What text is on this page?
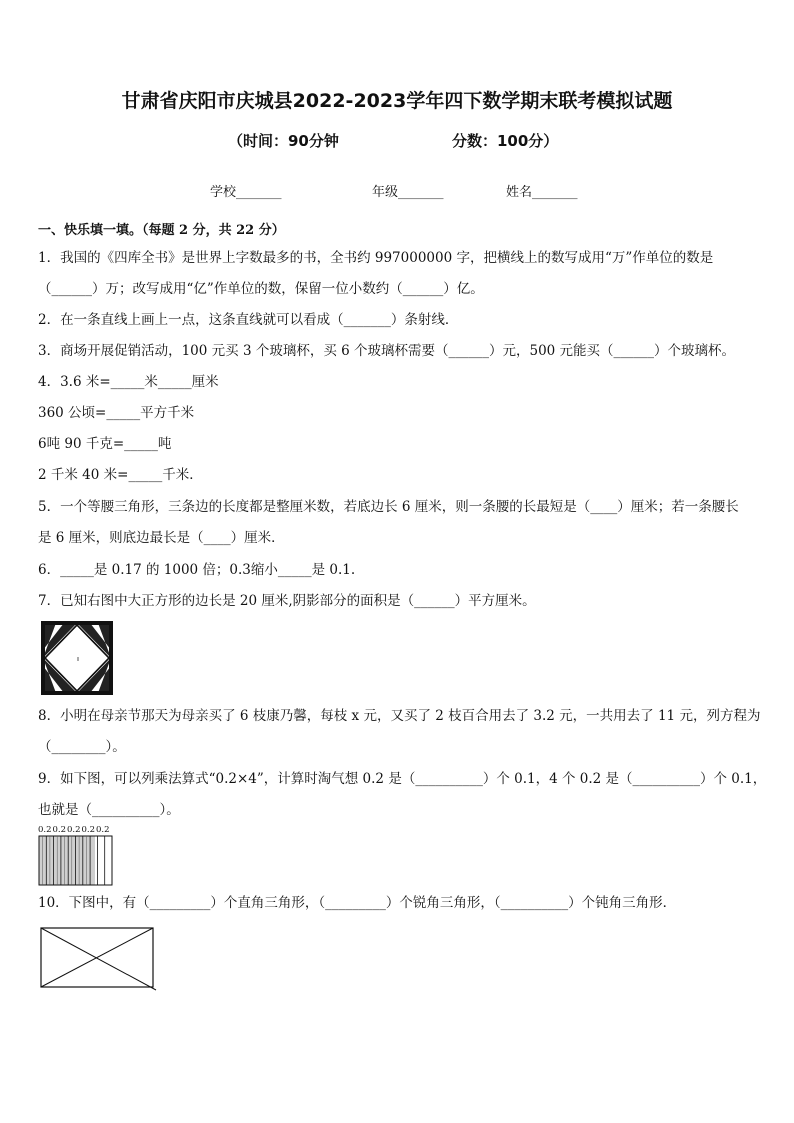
甘肃省庆阳市庆城县2022-2023学年四下数学期末联考模拟试题
（时间：90分钟	分数：100分）
学校_______	年级_______	姓名_______
一、快乐填一填。（每题 2 分，共 22 分）
1．我国的《四库全书》是世界上字数最多的书，全书约 997000000 字，把横线上的数写成用“万”作单位的数是
（______）万；改写成用“亿”作单位的数，保留一位小数约（______）亿。
2．在一条直线上画上一点，这条直线就可以看成（_______）条射线．
3．商场开展促销活动，100 元买 3 个玻璃杯，买 6 个玻璃杯需要（______）元，500 元能买（______）个玻璃杯。
4．3.6 米=_____米_____厘米
360 公顷=_____平方千米
6吨 90 千克=_____吨
2 千米 40 米=_____千米．
5．一个等腰三角形，三条边的长度都是整厘米数，若底边长 6 厘米，则一条腰的长最短是（____）厘米；若一条腰长
是 6 厘米，则底边最长是（____）厘米．
6．_____是 0.17 的 1000 倍；0.3缩小_____是 0.1.
7．已知右图中大正方形的边长是 20 厘米,阴影部分的面积是（______）平方厘米。
8．小明在母亲节那天为母亲买了 6 枝康乃馨，每枝 x 元，又买了 2 枝百合用去了 3.2 元，一共用去了 11 元，列方程为
（________）。
9．如下图，可以列乘法算式“0.2×4”，计算时淘气想 0.2 是（__________）个 0.1，4 个 0.2 是（__________）个 0.1，
也就是（__________）。
0.2 0.2 0.2 0.2 0.2
10．下图中，有（_________）个直角三角形，（_________）个锐角三角形，（__________）个钝角三角形．
